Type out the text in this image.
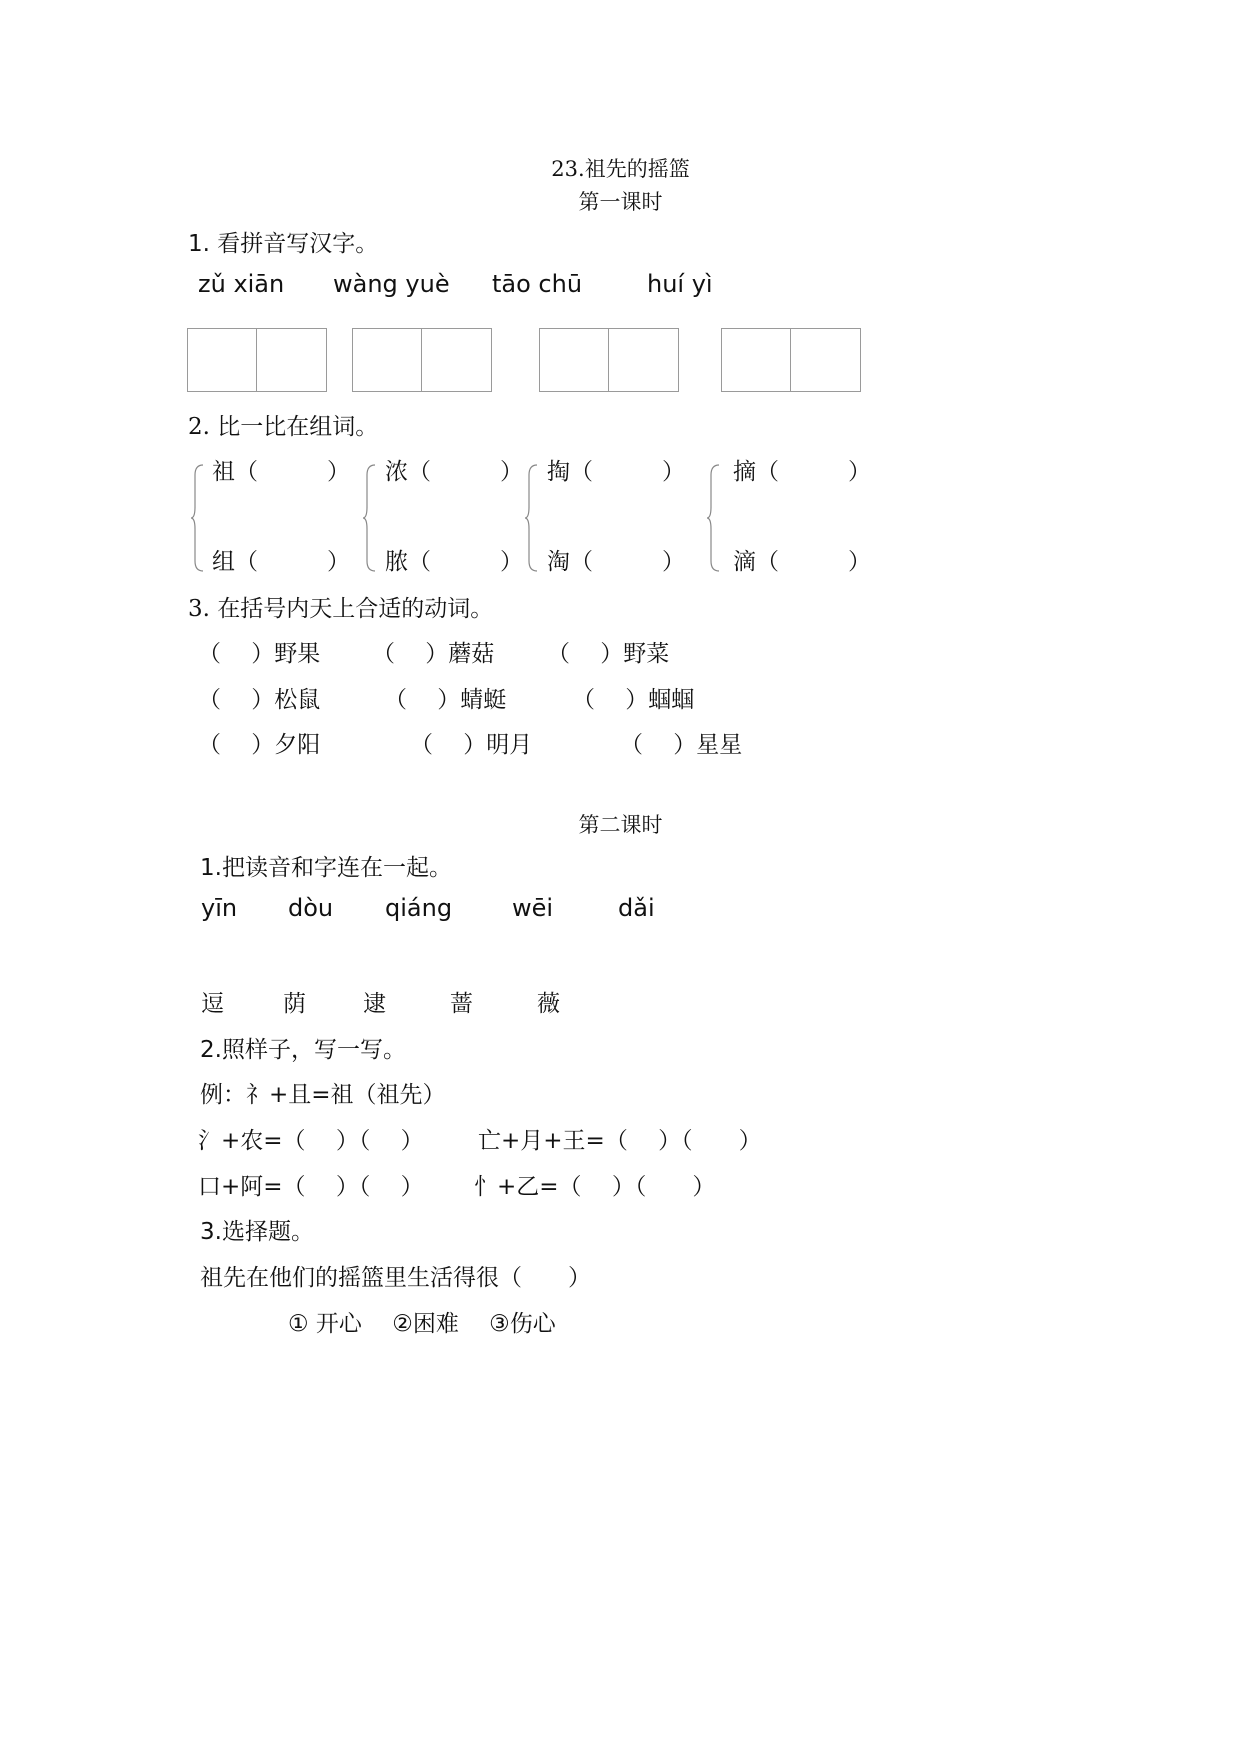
23.祖先的摇篮
第一课时
1. 看拼音写汉字。
zǔ xiān wàng yuè tāo chū	huí yì
2. 比一比在组词。
祖（　　　）
组（　　　）
浓（　　　）
脓（　　　）
掏（　　　）
淘（　　　）
摘（　　　）
滴（　　　）
3. 在括号内天上合适的动词。
（　 ）野果 （　 ）蘑菇 （　 ）野菜
（　 ）松鼠	（　 ）蜻蜓	（　 ）蝈蝈
（　 ）夕阳	（　 ）明月	（　 ）星星
第二课时
1.把读音和字连在一起。
yīn dòu qiáng wēi	dǎi
逗	荫 逮	蔷	薇
2.照样子，写一写。
例：礻+且=祖（祖先）
氵+农=（　 ）（　 ） 亡+月+王=（　 ）（　　）
口+阿=（　 ）（　 ） 忄+乙=（　 ）（　　）
3.选择题。
祖先在他们的摇篮里生活得很（　　）
① 开心　 ②困难　 ③伤心
